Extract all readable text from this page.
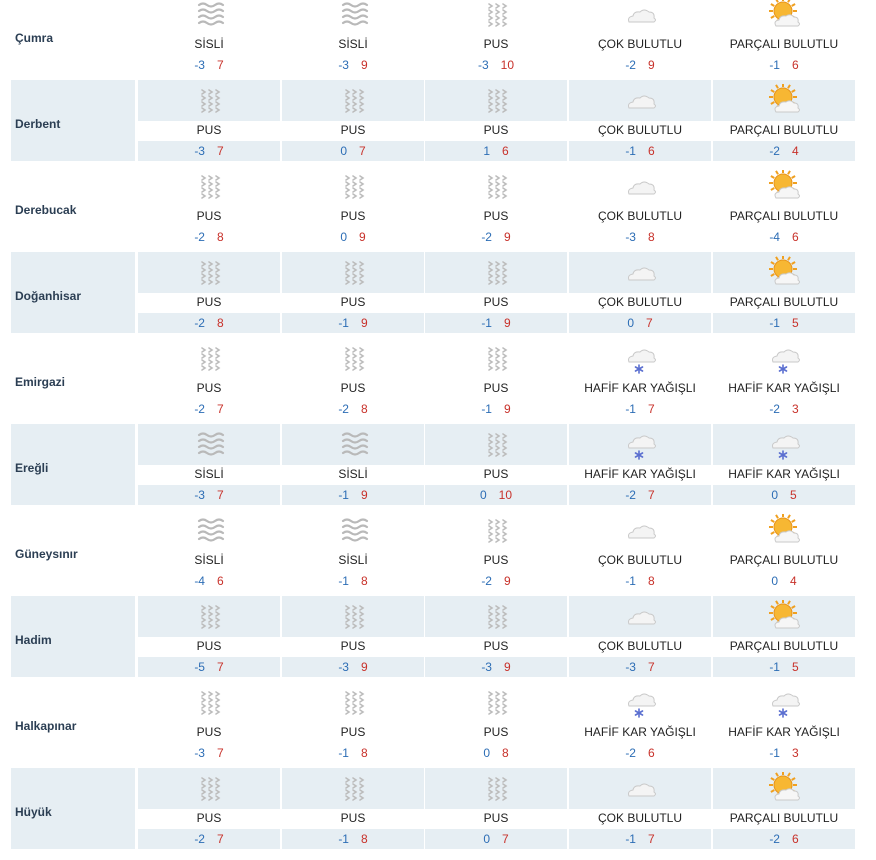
Çumra	SİSLİ
-3 7
SİSLİ
-3 9
PUS
-3 10
ÇOK BULUTLU
-2 9
PARÇALI BULUTLU
-1 6
Derbent	PUS
-3 7
PUS
0 7
PUS
1 6
ÇOK BULUTLU
-1 6
PARÇALI BULUTLU
-2 4
Derebucak	PUS
-2 8
PUS
0 9
PUS
-2 9
ÇOK BULUTLU
-3 8
PARÇALI BULUTLU
-4 6
Doğanhisar	PUS
-2 8
PUS
-1 9
PUS
-1 9
ÇOK BULUTLU
0 7
PARÇALI BULUTLU
-1 5
Emirgazi	PUS
-2 7
PUS
-2 8
PUS
-1 9
HAFİF KAR YAĞIŞLI
-1 7
HAFİF KAR YAĞIŞLI
-2 3
Ereğli	SİSLİ
-3 7
SİSLİ
-1 9
PUS
0 10
HAFİF KAR YAĞIŞLI
-2 7
HAFİF KAR YAĞIŞLI
0 5
Güneysınır	SİSLİ
-4 6
SİSLİ
-1 8
PUS
-2 9
ÇOK BULUTLU
-1 8
PARÇALI BULUTLU
0 4
Hadim	PUS
-5 7
PUS
-3 9
PUS
-3 9
ÇOK BULUTLU
-3 7
PARÇALI BULUTLU
-1 5
Halkapınar	PUS
-3 7
PUS
-1 8
PUS
0 8
HAFİF KAR YAĞIŞLI
-2 6
HAFİF KAR YAĞIŞLI
-1 3
Hüyük	PUS
-2 7
PUS
-1 8
PUS
0 7
ÇOK BULUTLU
-1 7
PARÇALI BULUTLU
-2 6
